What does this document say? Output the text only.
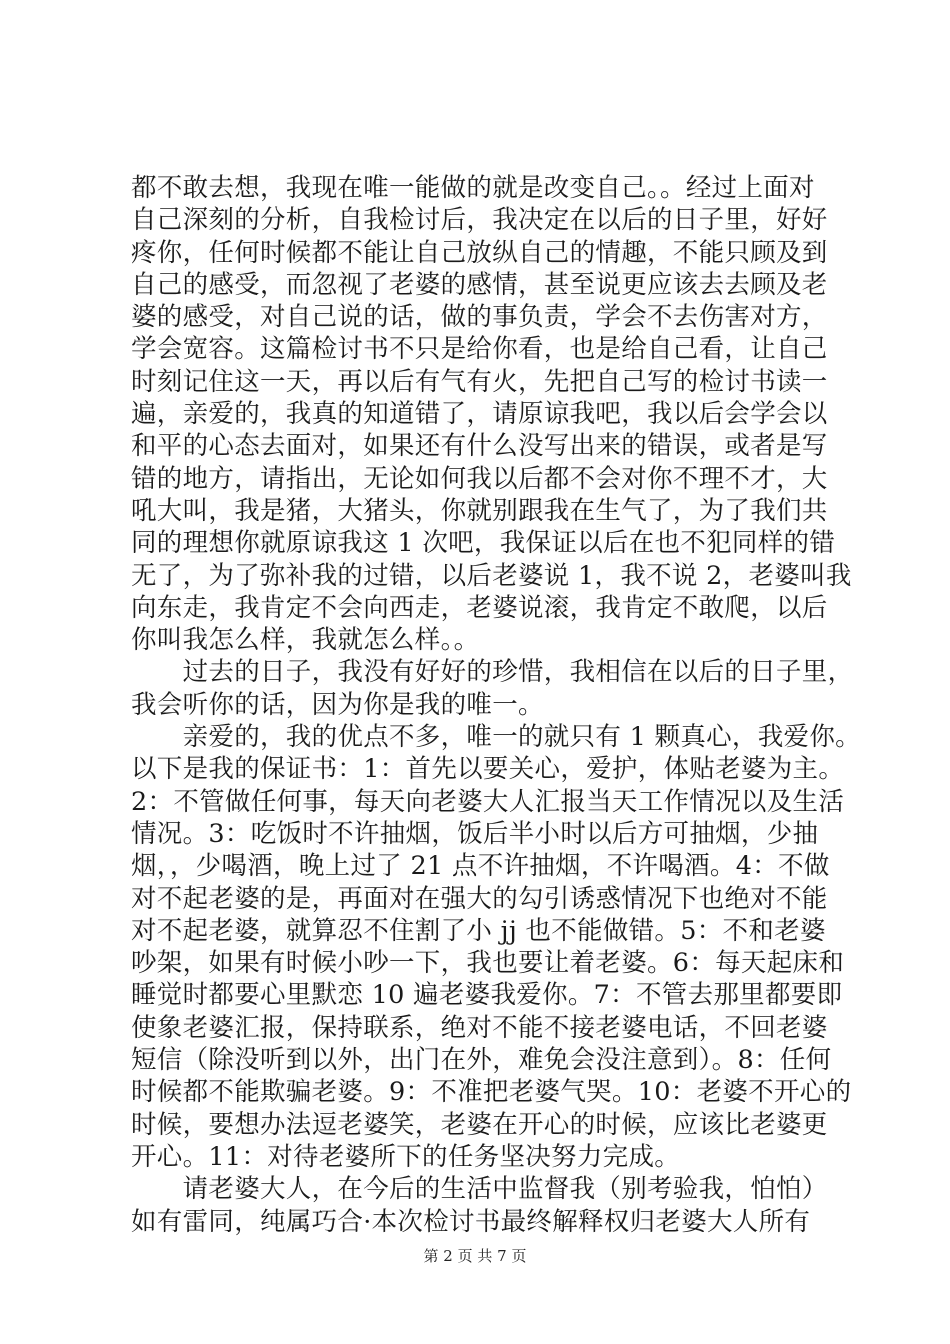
都不敢去想，我现在唯一能做的就是改变自己。。经过上面对
自己深刻的分析，自我检讨后，我决定在以后的日子里，好好
疼你，任何时候都不能让自己放纵自己的情趣，不能只顾及到
自己的感受，而忽视了老婆的感情，甚至说更应该去去顾及老
婆的感受，对自己说的话，做的事负责，学会不去伤害对方，
学会宽容。这篇检讨书不只是给你看，也是给自己看，让自己
时刻记住这一天，再以后有气有火，先把自己写的检讨书读一
遍，亲爱的，我真的知道错了，请原谅我吧，我以后会学会以
和平的心态去面对，如果还有什么没写出来的错误，或者是写
错的地方，请指出，无论如何我以后都不会对你不理不才，大
吼大叫，我是猪，大猪头，你就别跟我在生气了，为了我们共
同的理想你就原谅我这 1 次吧，我保证以后在也不犯同样的错
无了，为了弥补我的过错，以后老婆说 1，我不说 2，老婆叫我
向东走，我肯定不会向西走，老婆说滚，我肯定不敢爬，以后
你叫我怎么样，我就怎么样。。
　　过去的日子，我没有好好的珍惜，我相信在以后的日子里，
我会听你的话，因为你是我的唯一。
　　亲爱的，我的优点不多，唯一的就只有 1 颗真心，我爱你。
以下是我的保证书：1：首先以要关心，爱护，体贴老婆为主。
2：不管做任何事，每天向老婆大人汇报当天工作情况以及生活
情况。3：吃饭时不许抽烟，饭后半小时以后方可抽烟，少抽
烟，，少喝酒，晚上过了 21 点不许抽烟，不许喝酒。4：不做
对不起老婆的是，再面对在强大的勾引诱惑情况下也绝对不能
对不起老婆，就算忍不住割了小 jj 也不能做错。5：不和老婆
吵架，如果有时候小吵一下，我也要让着老婆。6：每天起床和
睡觉时都要心里默恋 10 遍老婆我爱你。7：不管去那里都要即
使象老婆汇报，保持联系，绝对不能不接老婆电话，不回老婆
短信（除没听到以外，出门在外，难免会没注意到）。8：任何
时候都不能欺骗老婆。9：不准把老婆气哭。10：老婆不开心的
时候，要想办法逗老婆笑，老婆在开心的时候，应该比老婆更
开心。11：对待老婆所下的任务坚决努力完成。
　　请老婆大人，在今后的生活中监督我（别考验我，怕怕）
如有雷同，纯属巧合·本次检讨书最终解释权归老婆大人所有
第 2 页 共 7 页
